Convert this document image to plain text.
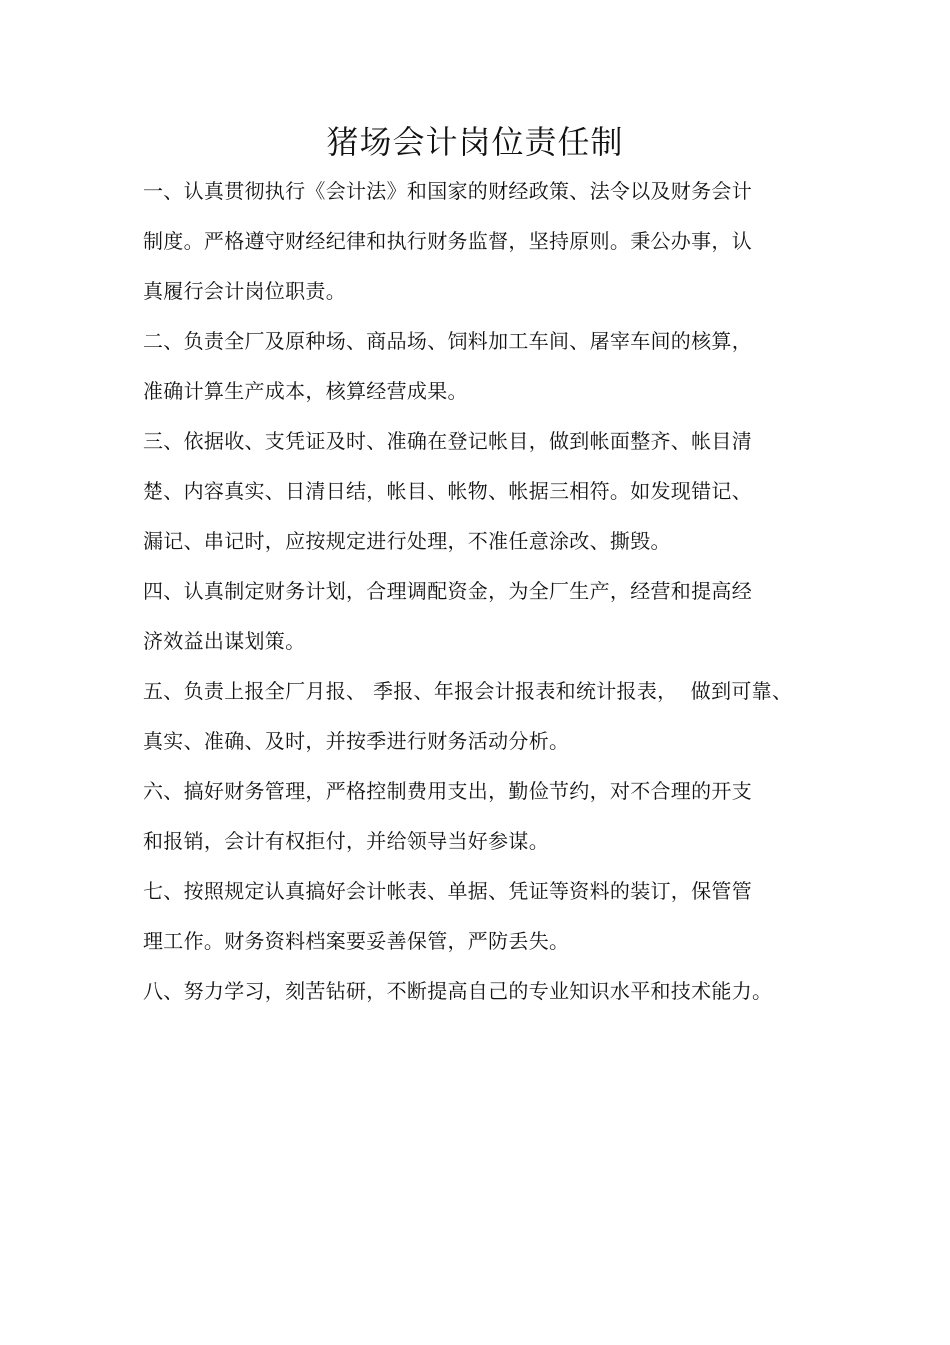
猪场会计岗位责任制
一、认真贯彻执行《会计法》和国家的财经政策、法令以及财务会计
制度。严格遵守财经纪律和执行财务监督，坚持原则。秉公办事，认
真履行会计岗位职责。
二、负责全厂及原种场、商品场、饲料加工车间、屠宰车间的核算，
准确计算生产成本，核算经营成果。
三、依据收、支凭证及时、准确在登记帐目，做到帐面整齐、帐目清
楚、内容真实、日清日结，帐目、帐物、帐据三相符。如发现错记、
漏记、串记时，应按规定进行处理，不准任意涂改、撕毁。
四、认真制定财务计划，合理调配资金，为全厂生产，经营和提高经
济效益出谋划策。
五、负责上报全厂月报、 季报、年报会计报表和统计报表，  做到可靠、
真实、准确、及时，并按季进行财务活动分析。
六、搞好财务管理，严格控制费用支出，勤俭节约，对不合理的开支
和报销，会计有权拒付，并给领导当好参谋。
七、按照规定认真搞好会计帐表、单据、凭证等资料的装订，保管管
理工作。财务资料档案要妥善保管，严防丢失。
八、努力学习，刻苦钻研，不断提高自己的专业知识水平和技术能力。
